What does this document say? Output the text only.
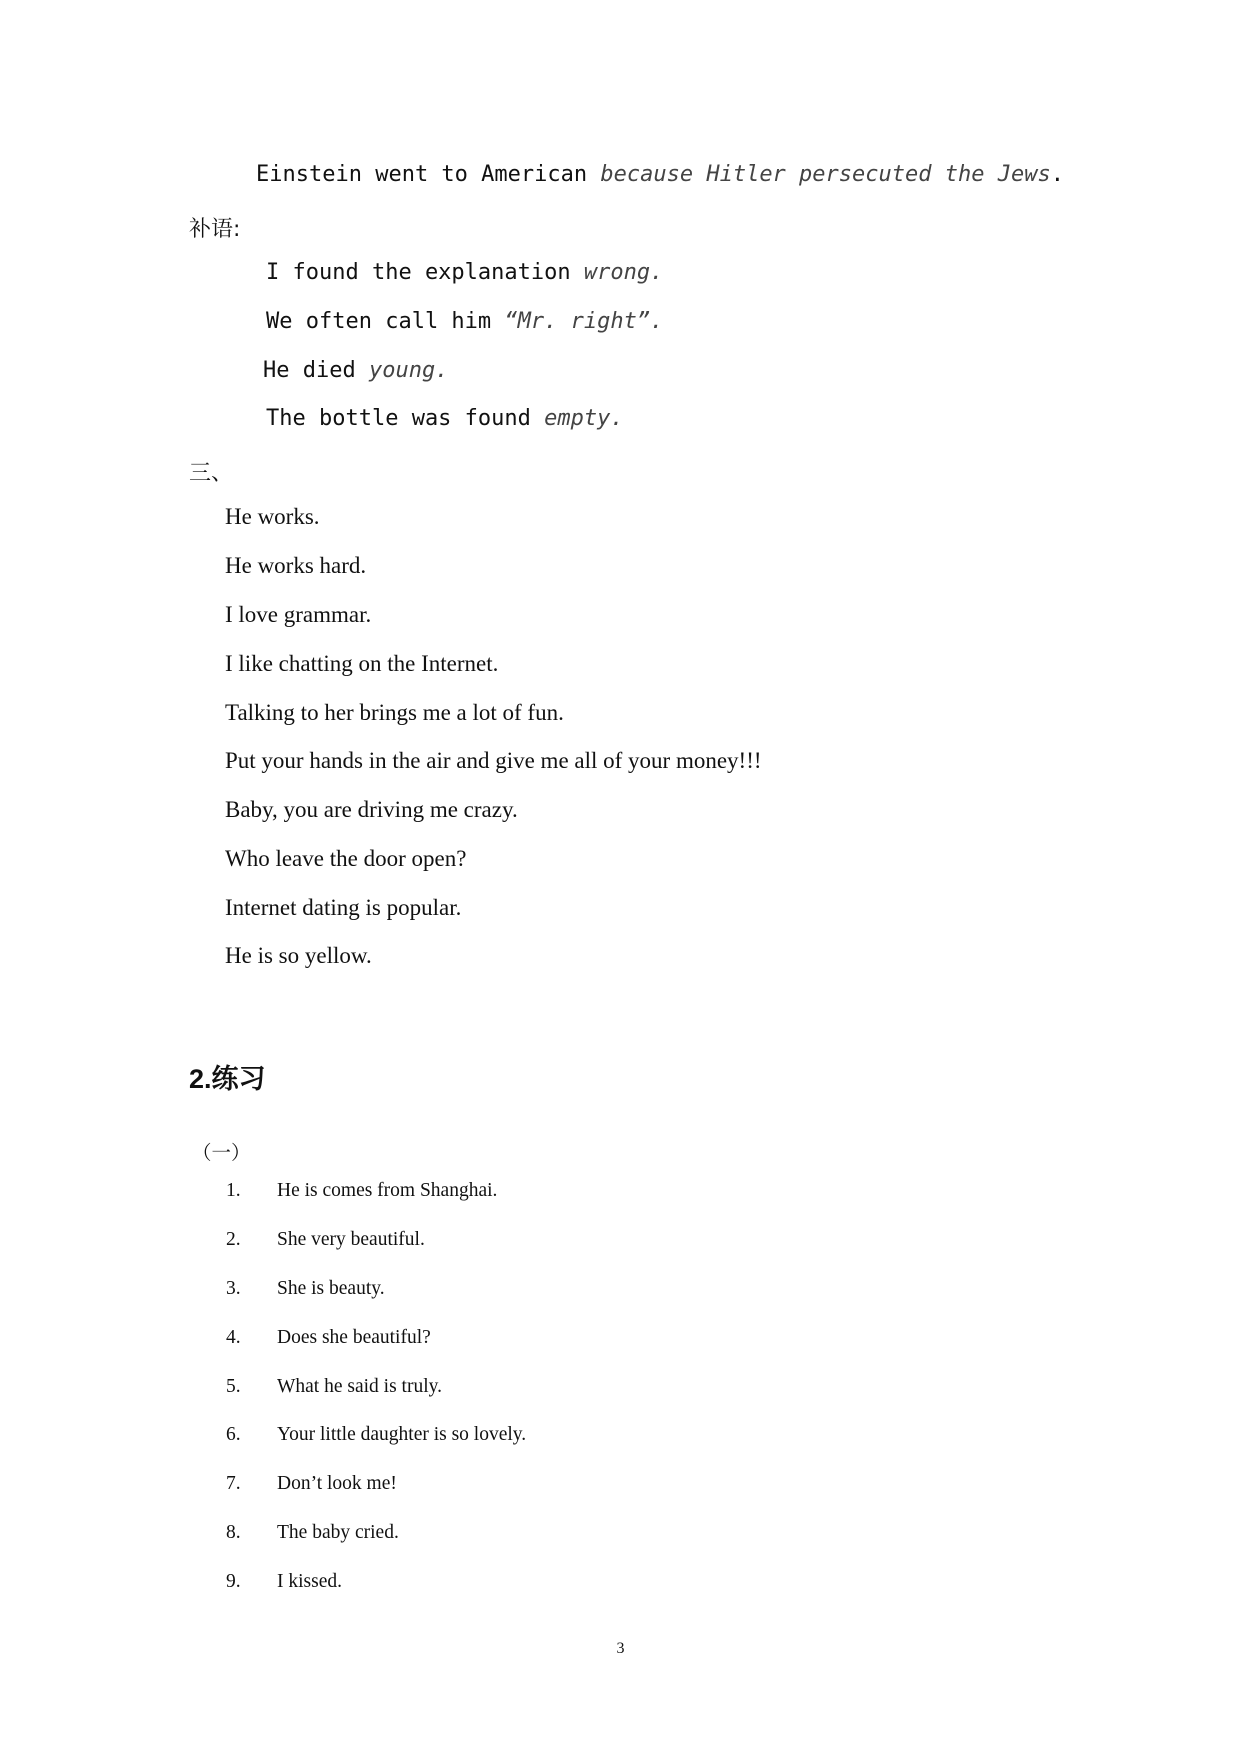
Einstein went to American because Hitler persecuted the Jews.
补语:
I found the explanation wrong.
We often call him “Mr. right”.
He died young.
The bottle was found empty.
三、
He works.
He works hard.
I love grammar.
I like chatting on the Internet.
Talking to her brings me a lot of fun.
Put your hands in the air and give me all of your money!!!
Baby, you are driving me crazy.
Who leave the door open?
Internet dating is popular.
He is so yellow.
2.练习
（一）
1. He is comes from Shanghai.
2. She very beautiful.
3. She is beauty.
4. Does she beautiful?
5. What he said is truly.
6. Your little daughter is so lovely.
7. Don’t look me!
8. The baby cried.
9. I kissed.
3
